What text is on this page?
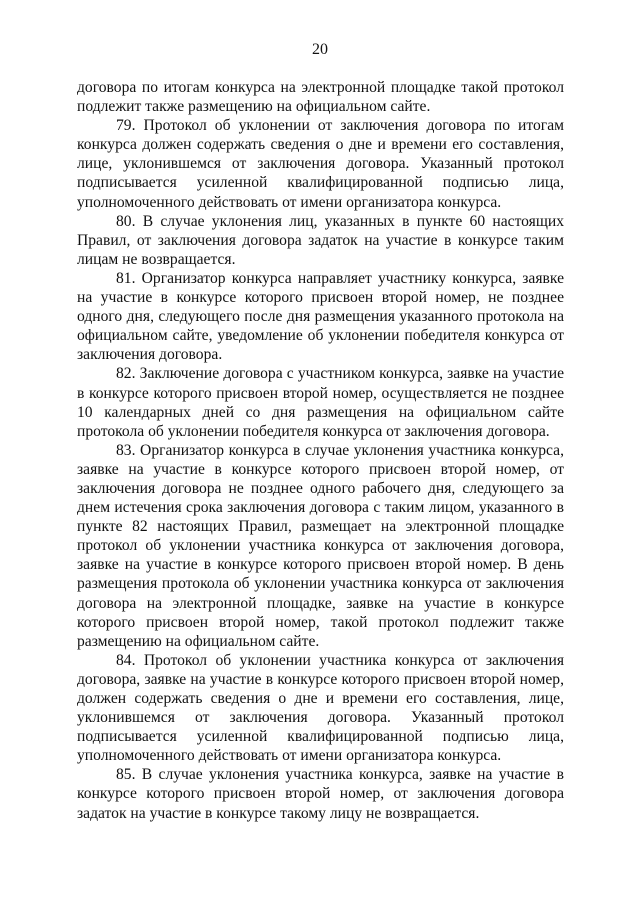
20

договора по итогам конкурса на электронной площадке такой протокол подлежит также размещению на официальном сайте.

79. Протокол об уклонении от заключения договора по итогам конкурса должен содержать сведения о дне и времени его составления, лице, уклонившемся от заключения договора. Указанный протокол подписывается усиленной квалифицированной подписью лица, уполномоченного действовать от имени организатора конкурса.

80. В случае уклонения лиц, указанных в пункте 60 настоящих Правил, от заключения договора задаток на участие в конкурсе таким лицам не возвращается.

81. Организатор конкурса направляет участнику конкурса, заявке на участие в конкурсе которого присвоен второй номер, не позднее одного дня, следующего после дня размещения указанного протокола на официальном сайте, уведомление об уклонении победителя конкурса от заключения договора.

82. Заключение договора с участником конкурса, заявке на участие в конкурсе которого присвоен второй номер, осуществляется не позднее 10 календарных дней со дня размещения на официальном сайте протокола об уклонении победителя конкурса от заключения договора.

83. Организатор конкурса в случае уклонения участника конкурса, заявке на участие в конкурсе которого присвоен второй номер, от заключения договора не позднее одного рабочего дня, следующего за днем истечения срока заключения договора с таким лицом, указанного в пункте 82 настоящих Правил, размещает на электронной площадке протокол об уклонении участника конкурса от заключения договора, заявке на участие в конкурсе которого присвоен второй номер. В день размещения протокола об уклонении участника конкурса от заключения договора на электронной площадке, заявке на участие в конкурсе которого присвоен второй номер, такой протокол подлежит также размещению на официальном сайте.

84. Протокол об уклонении участника конкурса от заключения договора, заявке на участие в конкурсе которого присвоен второй номер, должен содержать сведения о дне и времени его составления, лице, уклонившемся от заключения договора. Указанный протокол подписывается усиленной квалифицированной подписью лица, уполномоченного действовать от имени организатора конкурса.

85. В случае уклонения участника конкурса, заявке на участие в конкурсе которого присвоен второй номер, от заключения договора задаток на участие в конкурсе такому лицу не возвращается.
